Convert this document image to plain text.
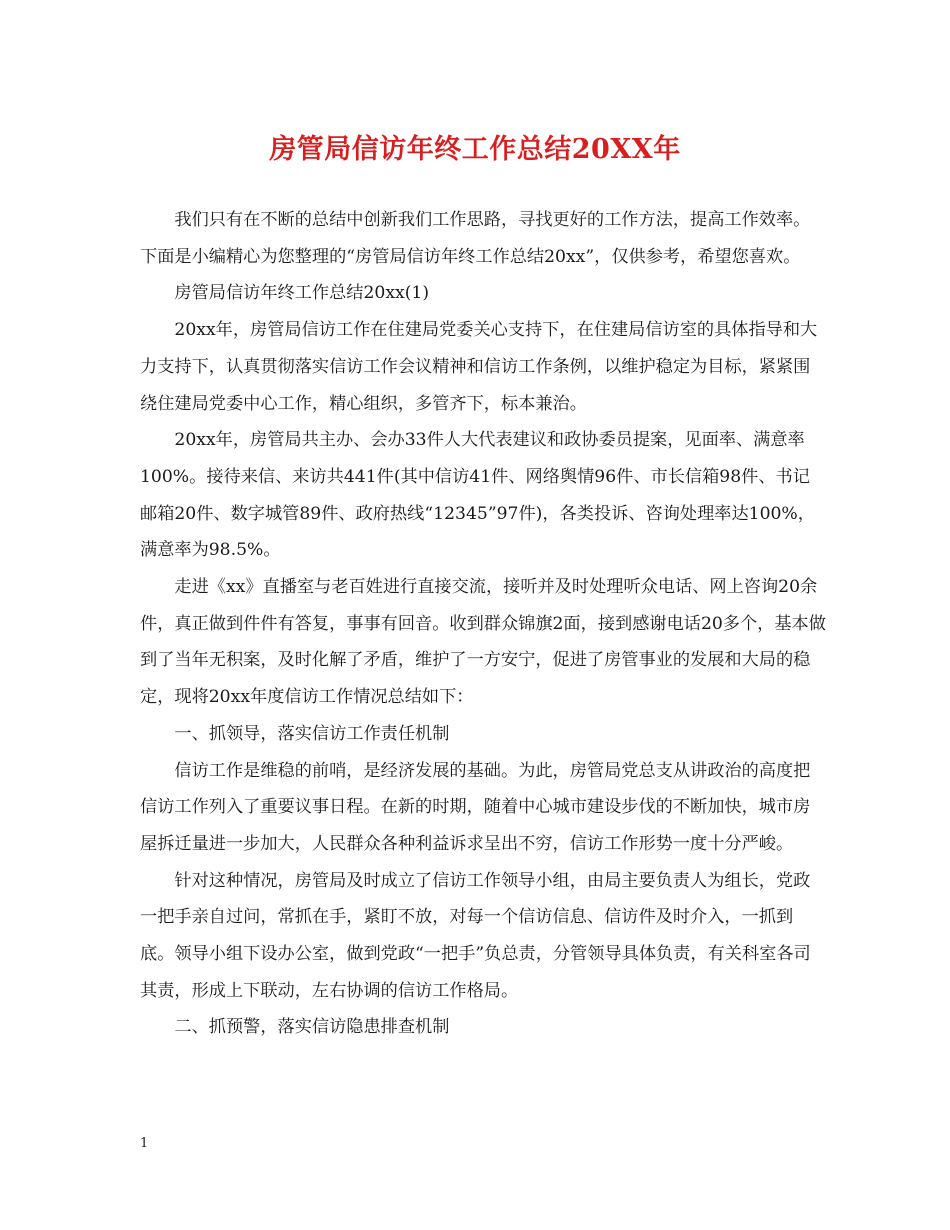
房管局信访年终工作总结20XX年

我们只有在不断的总结中创新我们工作思路，寻找更好的工作方法，提高工作效率。下面是小编精心为您整理的“房管局信访年终工作总结20xx”，仅供参考，希望您喜欢。

房管局信访年终工作总结20xx(1)

20xx年，房管局信访工作在住建局党委关心支持下，在住建局信访室的具体指导和大力支持下，认真贯彻落实信访工作会议精神和信访工作条例，以维护稳定为目标，紧紧围绕住建局党委中心工作，精心组织，多管齐下，标本兼治。

20xx年，房管局共主办、会办33件人大代表建议和政协委员提案，见面率、满意率100%。接待来信、来访共441件(其中信访41件、网络舆情96件、市长信箱98件、书记邮箱20件、数字城管89件、政府热线“12345”97件)，各类投诉、咨询处理率达100%，满意率为98.5%。

走进《xx》直播室与老百姓进行直接交流，接听并及时处理听众电话、网上咨询20余件，真正做到件件有答复，事事有回音。收到群众锦旗2面，接到感谢电话20多个，基本做到了当年无积案，及时化解了矛盾，维护了一方安宁，促进了房管事业的发展和大局的稳定，现将20xx年度信访工作情况总结如下：

一、抓领导，落实信访工作责任机制

信访工作是维稳的前哨，是经济发展的基础。为此，房管局党总支从讲政治的高度把信访工作列入了重要议事日程。在新的时期，随着中心城市建设步伐的不断加快，城市房屋拆迁量进一步加大，人民群众各种利益诉求呈出不穷，信访工作形势一度十分严峻。

针对这种情况，房管局及时成立了信访工作领导小组，由局主要负责人为组长，党政一把手亲自过问，常抓在手，紧盯不放，对每一个信访信息、信访件及时介入，一抓到底。领导小组下设办公室，做到党政“一把手”负总责，分管领导具体负责，有关科室各司其责，形成上下联动，左右协调的信访工作格局。

二、抓预警，落实信访隐患排查机制

1
